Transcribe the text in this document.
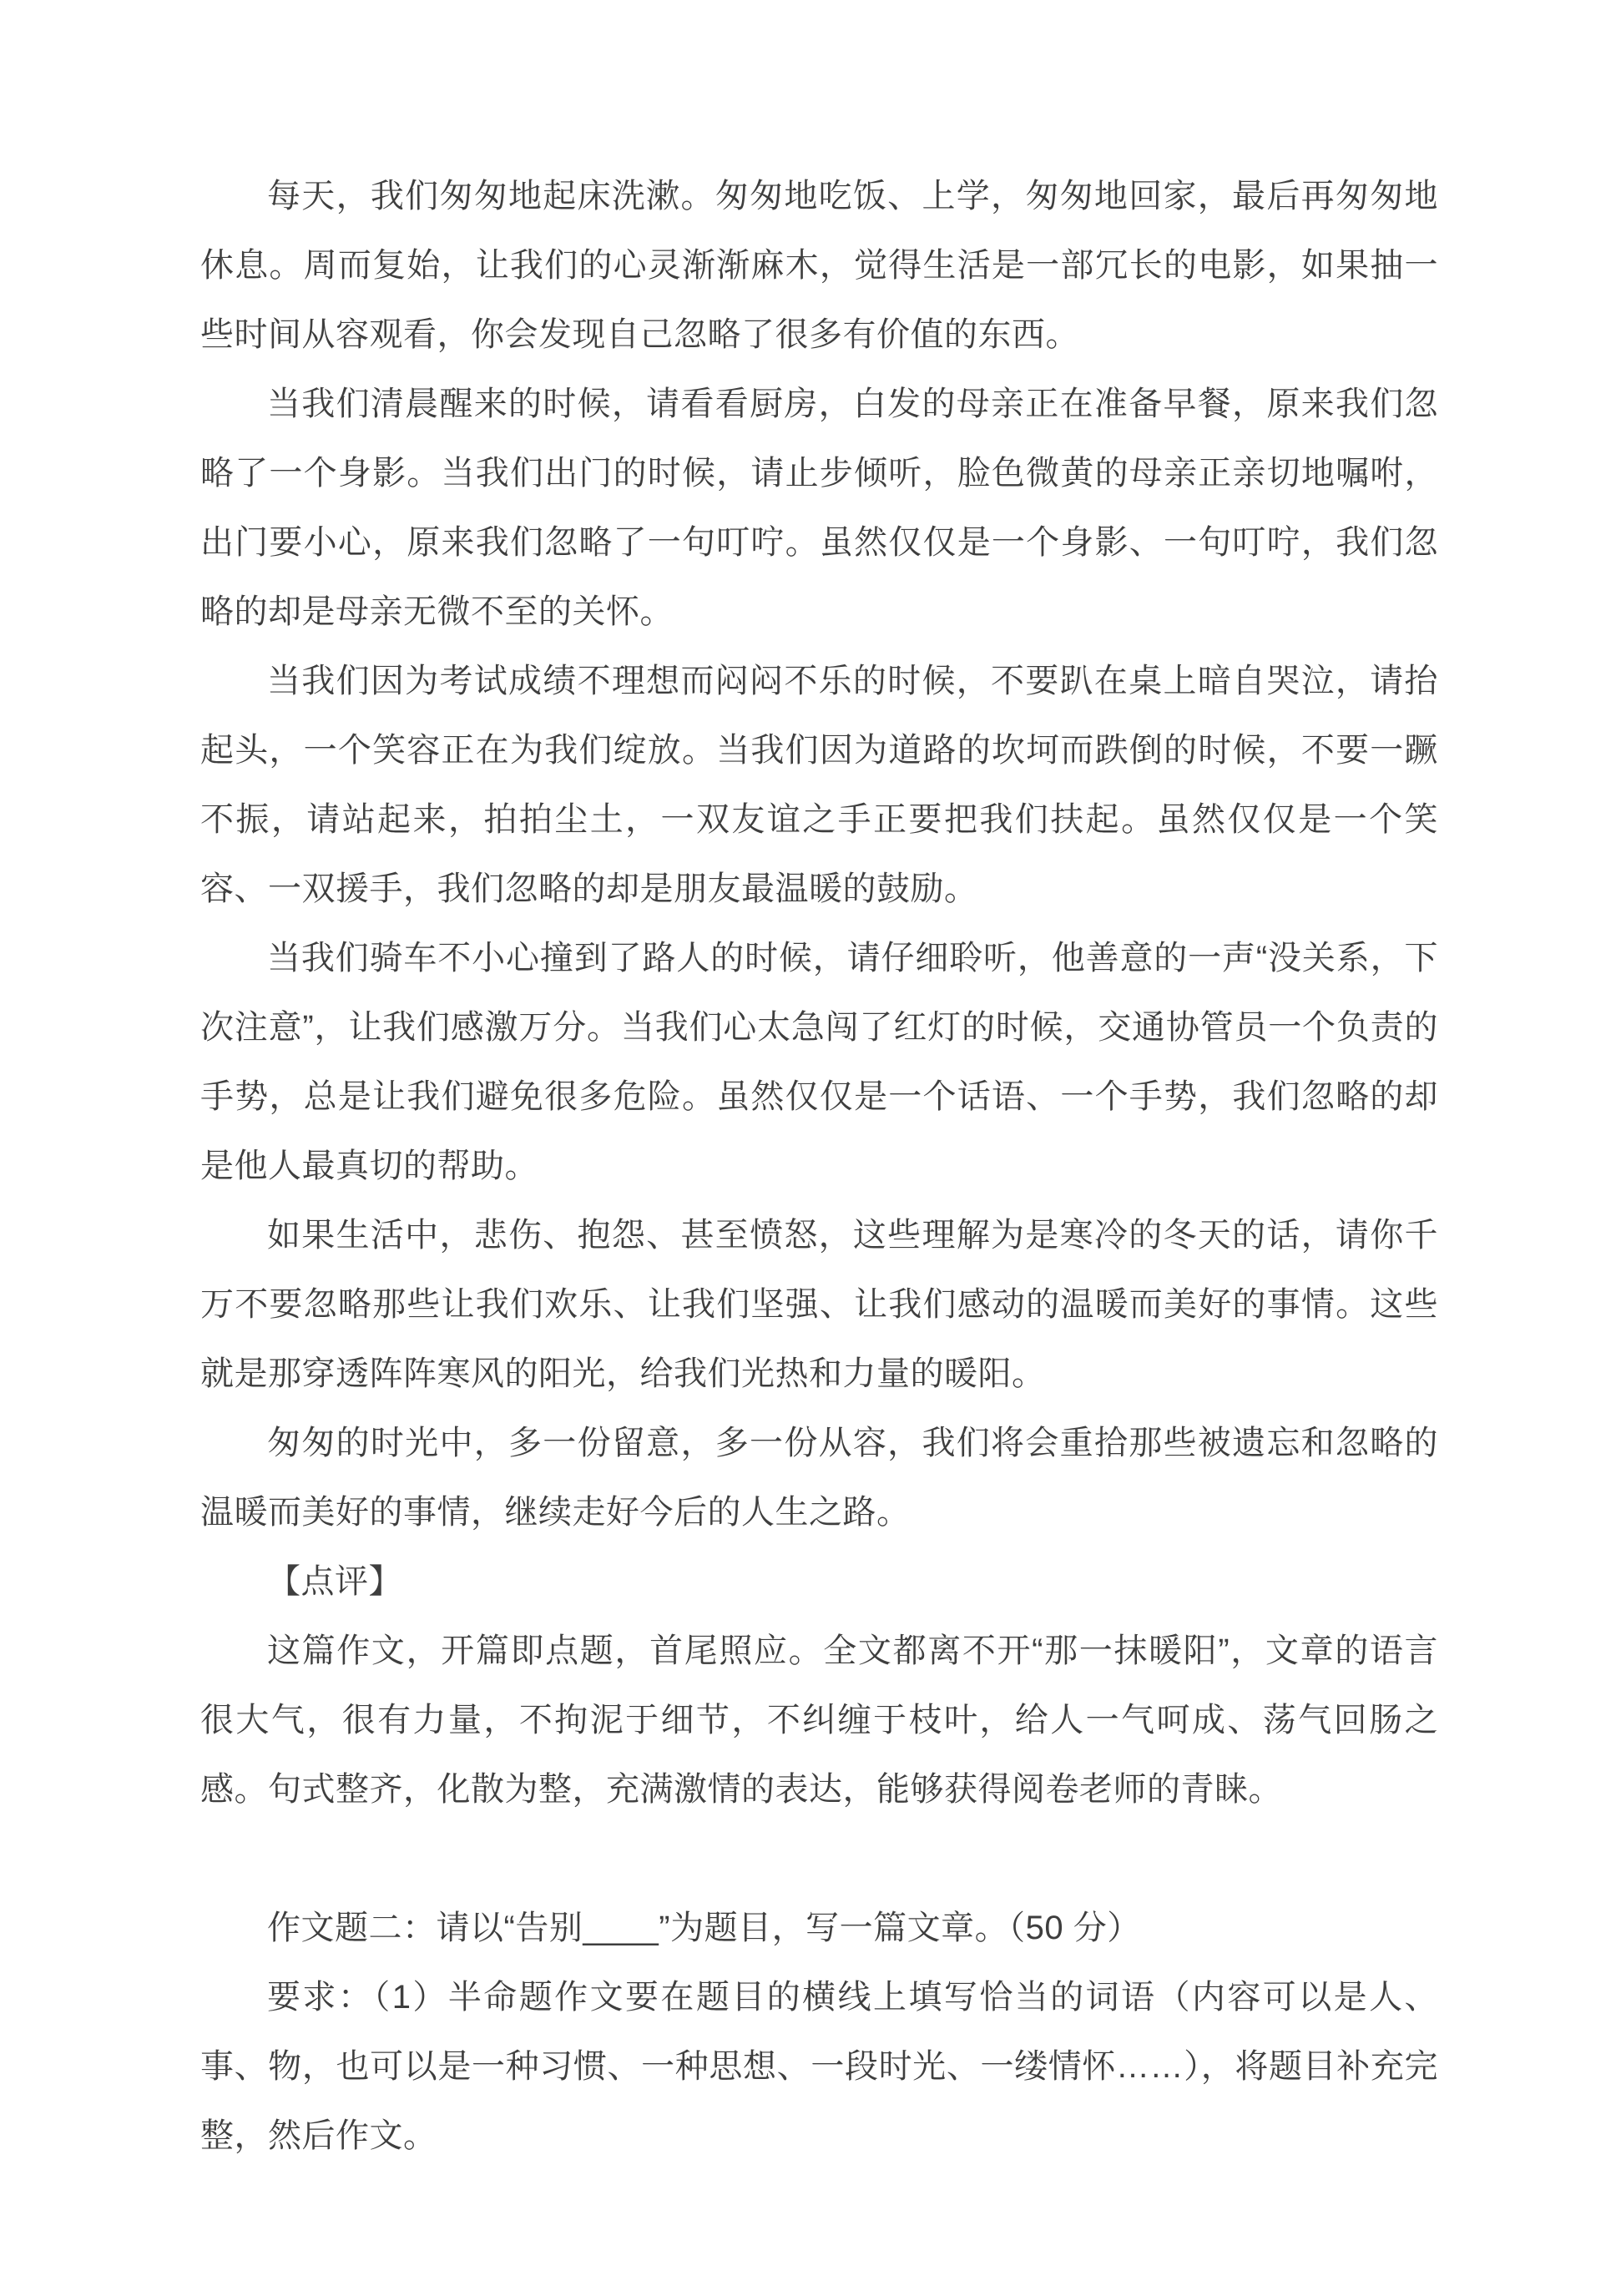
每天，我们匆匆地起床洗漱。匆匆地吃饭、上学，匆匆地回家，最后再匆匆地休息。周而复始，让我们的心灵渐渐麻木，觉得生活是一部冗长的电影，如果抽一些时间从容观看，你会发现自己忽略了很多有价值的东西。

当我们清晨醒来的时候，请看看厨房，白发的母亲正在准备早餐，原来我们忽略了一个身影。当我们出门的时候，请止步倾听，脸色微黄的母亲正亲切地嘱咐，出门要小心，原来我们忽略了一句叮咛。虽然仅仅是一个身影、一句叮咛，我们忽略的却是母亲无微不至的关怀。

当我们因为考试成绩不理想而闷闷不乐的时候，不要趴在桌上暗自哭泣，请抬起头，一个笑容正在为我们绽放。当我们因为道路的坎坷而跌倒的时候，不要一蹶不振，请站起来，拍拍尘土，一双友谊之手正要把我们扶起。虽然仅仅是一个笑容、一双援手，我们忽略的却是朋友最温暖的鼓励。

当我们骑车不小心撞到了路人的时候，请仔细聆听，他善意的一声“没关系，下次注意”，让我们感激万分。当我们心太急闯了红灯的时候，交通协管员一个负责的手势，总是让我们避免很多危险。虽然仅仅是一个话语、一个手势，我们忽略的却是他人最真切的帮助。

如果生活中，悲伤、抱怨、甚至愤怒，这些理解为是寒冷的冬天的话，请你千万不要忽略那些让我们欢乐、让我们坚强、让我们感动的温暖而美好的事情。这些就是那穿透阵阵寒风的阳光，给我们光热和力量的暖阳。

匆匆的时光中，多一份留意，多一份从容，我们将会重拾那些被遗忘和忽略的温暖而美好的事情，继续走好今后的人生之路。

【点评】

这篇作文，开篇即点题，首尾照应。全文都离不开“那一抹暖阳”，文章的语言很大气，很有力量，不拘泥于细节，不纠缠于枝叶，给人一气呵成、荡气回肠之感。句式整齐，化散为整，充满激情的表达，能够获得阅卷老师的青睐。

作文题二：请以“告别____”为题目，写一篇文章。（50 分）

要求：（1）半命题作文要在题目的横线上填写恰当的词语（内容可以是人、事、物，也可以是一种习惯、一种思想、一段时光、一缕情怀……），将题目补充完整，然后作文。
